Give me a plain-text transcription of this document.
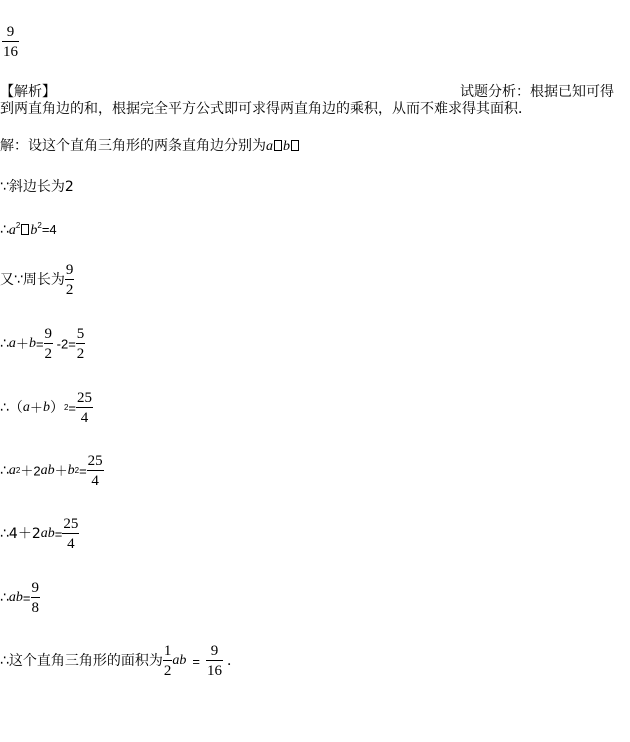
$\frac{9}{16}$
【解析】	试题分析：根据已知可得
到两直角边的和，根据完全平方公式即可求得两直角边的乘积，从而不难求得其面积．
解：设这个直角三角形的两条直角边分别为a b
∵斜边长为2
$\therefore a^2$ $b^2=4$
又∵周长为 $\frac{9}{2}$
∴a＋b= $\frac{9}{2} -2= \frac{5}{2}$
∴（a＋b）2= $\frac{25}{4}$
∴a2＋2ab＋b2= $\frac{25}{4}$
∴4＋2ab= $\frac{25}{4}$
∴ab= $\frac{9}{8}$
∴这个直角三角形的面积为 $\frac{1}{2}$ ab = $\frac{9}{16}$ ．
